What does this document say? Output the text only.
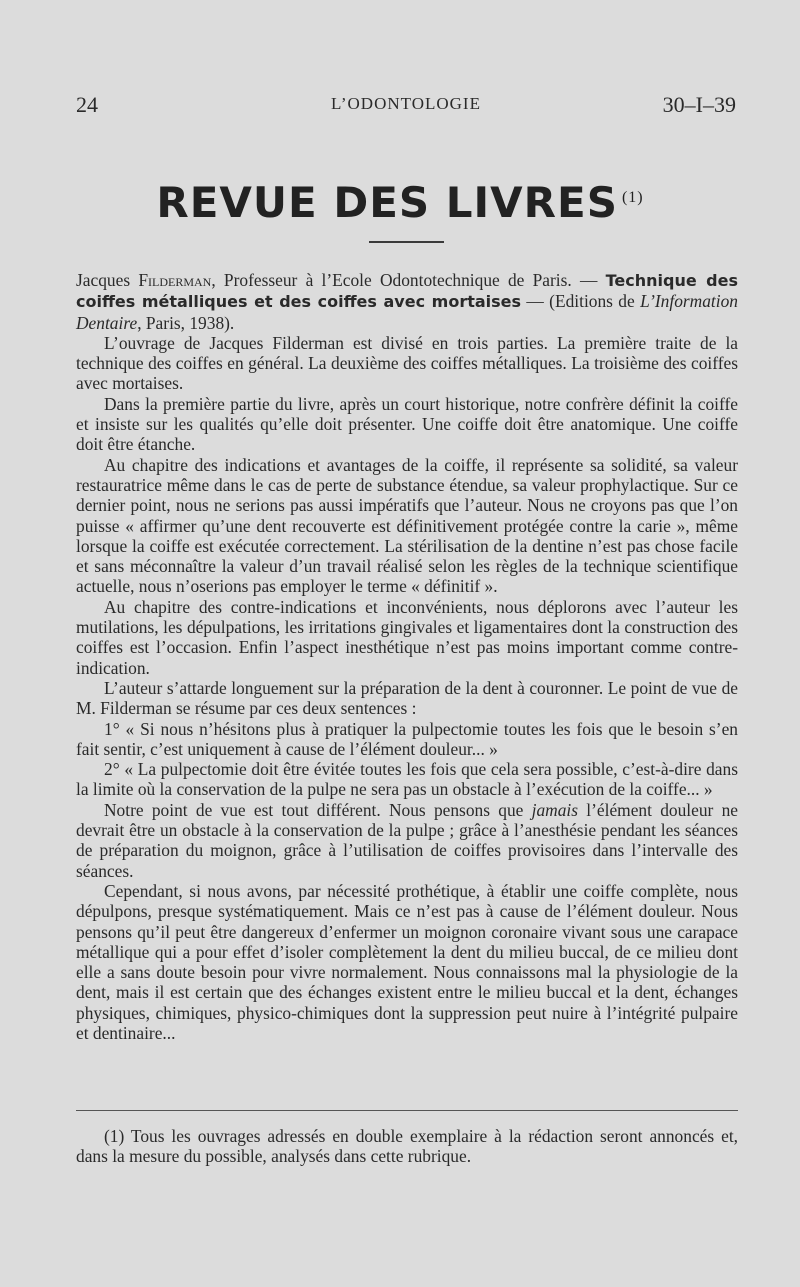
24	L’ODONTOLOGIE	30–I–39
REVUE DES LIVRES $^{(1)}$

Jacques Filderman, Professeur à l’Ecole Odontotechnique de Paris. — Technique des coiffes métalliques et des coiffes avec mortaises — (Editions de L’Information Dentaire, Paris, 1938).

L’ouvrage de Jacques Filderman est divisé en trois parties. La première traite de la technique des coiffes en général. La deuxième des coiffes métalliques. La troisième des coiffes avec mortaises.

Dans la première partie du livre, après un court historique, notre confrère définit la coiffe et insiste sur les qualités qu’elle doit présenter. Une coiffe doit être anatomique. Une coiffe doit être étanche.

Au chapitre des indications et avantages de la coiffe, il représente sa solidité, sa valeur restauratrice même dans le cas de perte de substance étendue, sa valeur prophylactique. Sur ce dernier point, nous ne serions pas aussi impératifs que l’auteur. Nous ne croyons pas que l’on puisse « affirmer qu’une dent recouverte est définitivement protégée contre la carie », même lorsque la coiffe est exécutée correctement. La stérilisation de la dentine n’est pas chose facile et sans méconnaître la valeur d’un travail réalisé selon les règles de la technique scientifique actuelle, nous n’oserions pas employer le terme « définitif ».

Au chapitre des contre-indications et inconvénients, nous déplorons avec l’auteur les mutilations, les dépulpations, les irritations gingivales et ligamentaires dont la construction des coiffes est l’occasion. Enfin l’aspect inesthétique n’est pas moins important comme contre-indication.

L’auteur s’attarde longuement sur la préparation de la dent à couronner. Le point de vue de M. Filderman se résume par ces deux sentences :

1° « Si nous n’hésitons plus à pratiquer la pulpectomie toutes les fois que le besoin s’en fait sentir, c’est uniquement à cause de l’élément douleur... »

2° « La pulpectomie doit être évitée toutes les fois que cela sera possible, c’est-à-dire dans la limite où la conservation de la pulpe ne sera pas un obstacle à l’exécution de la coiffe... »

Notre point de vue est tout différent. Nous pensons que jamais l’élément douleur ne devrait être un obstacle à la conservation de la pulpe ; grâce à l’anesthésie pendant les séances de préparation du moignon, grâce à l’utilisation de coiffes provisoires dans l’intervalle des séances.

Cependant, si nous avons, par nécessité prothétique, à établir une coiffe complète, nous dépulpons, presque systématiquement. Mais ce n’est pas à cause de l’élément douleur. Nous pensons qu’il peut être dangereux d’enfermer un moignon coronaire vivant sous une carapace métallique qui a pour effet d’isoler complètement la dent du milieu buccal, de ce milieu dont elle a sans doute besoin pour vivre normalement. Nous connaissons mal la physiologie de la dent, mais il est certain que des échanges existent entre le milieu buccal et la dent, échanges physiques, chimiques, physico-chimiques dont la suppression peut nuire à l’intégrité pulpaire et dentinaire...

(1) Tous les ouvrages adressés en double exemplaire à la rédaction seront annoncés et, dans la mesure du possible, analysés dans cette rubrique.
